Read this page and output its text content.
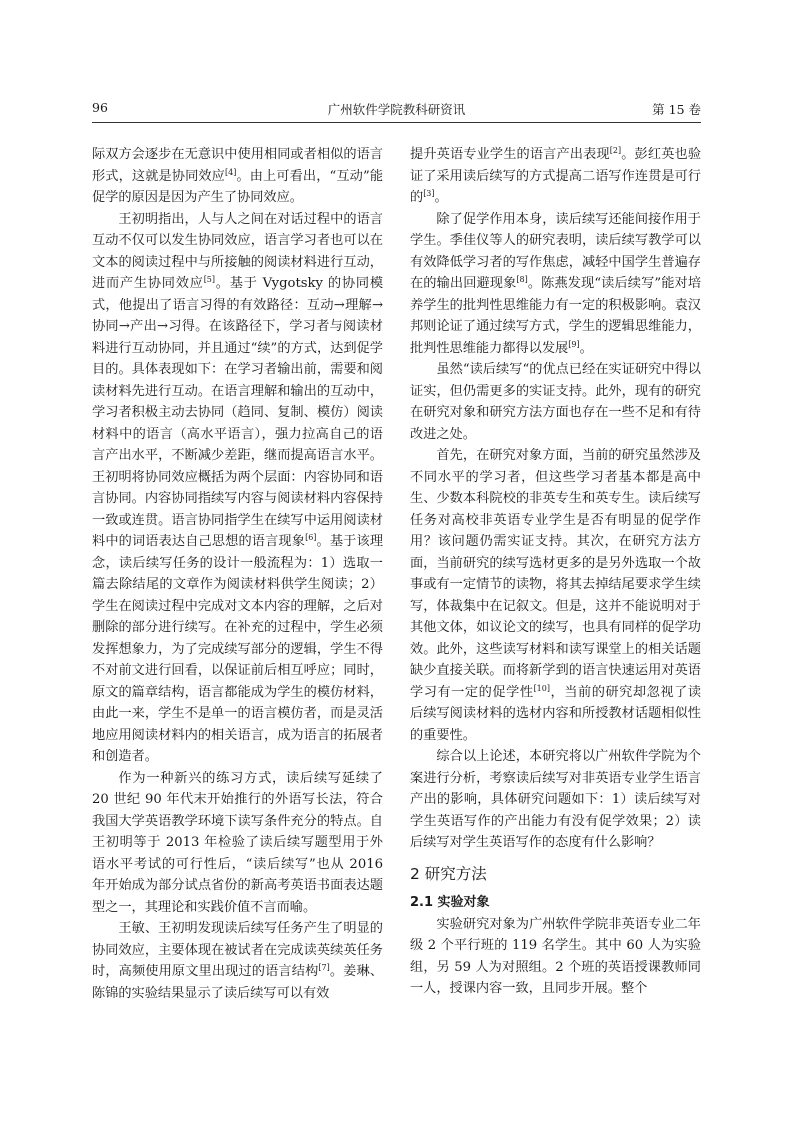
96	广州软件学院教科研资讯	第 15 卷

际双方会逐步在无意识中使用相同或者相似的语言形式，这就是协同效应[4]。由上可看出，“互动”能促学的原因是因为产生了协同效应。

王初明指出，人与人之间在对话过程中的语言互动不仅可以发生协同效应，语言学习者也可以在文本的阅读过程中与所接触的阅读材料进行互动，进而产生协同效应[5]。基于 Vygotsky 的协同模式，他提出了语言习得的有效路径：互动→理解→协同→产出→习得。在该路径下，学习者与阅读材料进行互动协同，并且通过“续”的方式，达到促学目的。具体表现如下：在学习者输出前，需要和阅读材料先进行互动。在语言理解和输出的互动中，学习者积极主动去协同（趋同、复制、模仿）阅读材料中的语言（高水平语言），强力拉高自己的语言产出水平，不断减少差距，继而提高语言水平。王初明将协同效应概括为两个层面：内容协同和语言协同。内容协同指续写内容与阅读材料内容保持一致或连贯。语言协同指学生在续写中运用阅读材料中的词语表达自己思想的语言现象[6]。基于该理念，读后续写任务的设计一般流程为：1）选取一篇去除结尾的文章作为阅读材料供学生阅读；2）学生在阅读过程中完成对文本内容的理解，之后对删除的部分进行续写。在补充的过程中，学生必须发挥想象力，为了完成续写部分的逻辑，学生不得不对前文进行回看，以保证前后相互呼应；同时，原文的篇章结构，语言都能成为学生的模仿材料，由此一来，学生不是单一的语言模仿者，而是灵活地应用阅读材料内的相关语言，成为语言的拓展者和创造者。

作为一种新兴的练习方式，读后续写延续了 20 世纪 90 年代末开始推行的外语写长法，符合我国大学英语教学环境下读写条件充分的特点。自王初明等于 2013 年检验了读后续写题型用于外语水平考试的可行性后，“读后续写”也从 2016 年开始成为部分试点省份的新高考英语书面表达题型之一，其理论和实践价值不言而喻。

王敏、王初明发现读后续写任务产生了明显的协同效应，主要体现在被试者在完成读英续英任务时，高频使用原文里出现过的语言结构[7]。姜琳、陈锦的实验结果显示了读后续写可以有效

提升英语专业学生的语言产出表现[2]。彭红英也验证了采用读后续写的方式提高二语写作连贯是可行的[3]。

除了促学作用本身，读后续写还能间接作用于学生。季佳仪等人的研究表明，读后续写教学可以有效降低学习者的写作焦虑，减轻中国学生普遍存在的输出回避现象[8]。陈燕发现“读后续写”能对培养学生的批判性思维能力有一定的积极影响。袁汉邦则论证了通过续写方式，学生的逻辑思维能力，批判性思维能力都得以发展[9]。

虽然“读后续写“的优点已经在实证研究中得以证实，但仍需更多的实证支持。此外，现有的研究在研究对象和研究方法方面也存在一些不足和有待改进之处。

首先，在研究对象方面，当前的研究虽然涉及不同水平的学习者，但这些学习者基本都是高中生、少数本科院校的非英专生和英专生。读后续写任务对高校非英语专业学生是否有明显的促学作用？该问题仍需实证支持。其次，在研究方法方面，当前研究的续写选材更多的是另外选取一个故事或有一定情节的读物，将其去掉结尾要求学生续写，体裁集中在记叙文。但是，这并不能说明对于其他文体，如议论文的续写，也具有同样的促学功效。此外，这些读写材料和读写课堂上的相关话题缺少直接关联。而将新学到的语言快速运用对英语学习有一定的促学性[10]，当前的研究却忽视了读后续写阅读材料的选材内容和所授教材话题相似性的重要性。

综合以上论述，本研究将以广州软件学院为个案进行分析，考察读后续写对非英语专业学生语言产出的影响，具体研究问题如下：1）读后续写对学生英语写作的产出能力有没有促学效果；2）读后续写对学生英语写作的态度有什么影响？

2 研究方法
2.1 实验对象

实验研究对象为广州软件学院非英语专业二年级 2 个平行班的 119 名学生。其中 60 人为实验组，另 59 人为对照组。2 个班的英语授课教师同一人，授课内容一致，且同步开展。整个
